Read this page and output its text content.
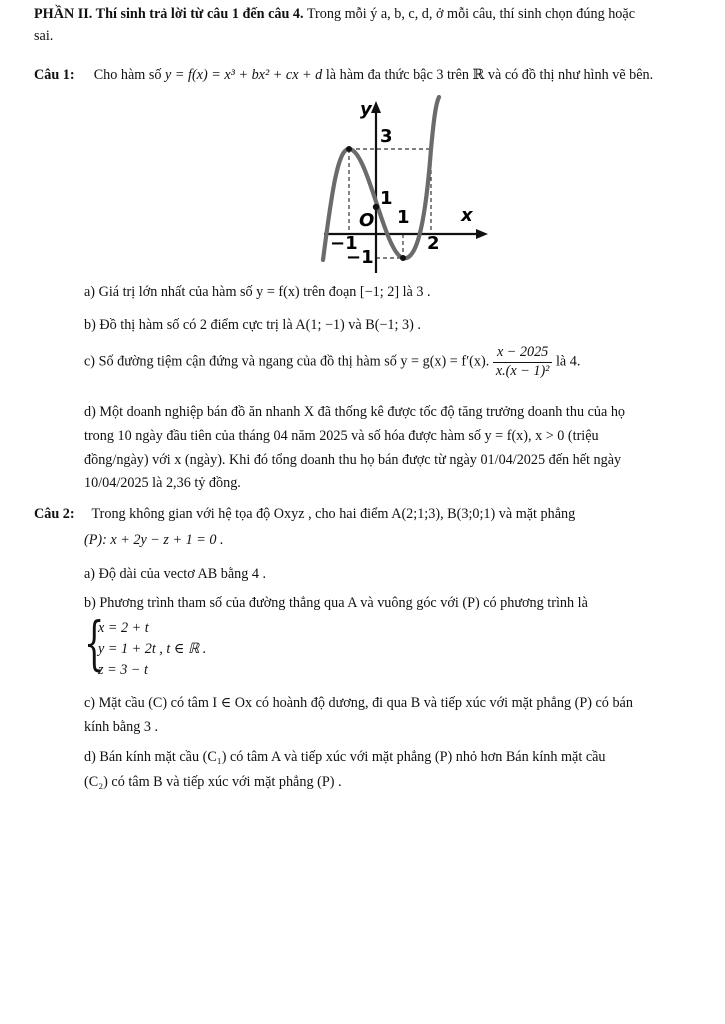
PHẦN II. Thí sinh trả lời từ câu 1 đến câu 4. Trong mỗi ý a, b, c, d, ở mỗi câu, thí sinh chọn đúng hoặc
sai.
Câu 1: Cho hàm số y = f(x) = x³ + bx² + cx + d là hàm đa thức bậc 3 trên ℝ và có đồ thị như hình vẽ bên.
y
x
O
3
1
1
2
−1
−1
a) Giá trị lớn nhất của hàm số y = f(x) trên đoạn [−1; 2] là 3 .
b) Đồ thị hàm số có 2 điểm cực trị là A(1; −1) và B(−1; 3) .
c) Số đường tiệm cận đứng và ngang của đồ thị hàm số y = g(x) = f′(x). $\frac{x - 2025}{\text{x.(x − 1)²}}$ là 4.
d) Một doanh nghiệp bán đồ ăn nhanh X đã thống kê được tốc độ tăng trưởng doanh thu của họ
trong 10 ngày đầu tiên của tháng 04 năm 2025 và số hóa được hàm số y = f(x), x > 0 (triệu
đồng/ngày) với x (ngày). Khi đó tổng doanh thu họ bán được từ ngày 01/04/2025 đến hết ngày
10/04/2025 là 2,36 tỷ đồng.
Câu 2: Trong không gian với hệ tọa độ Oxyz , cho hai điểm A(2;1;3), B(3;0;1) và mặt phẳng
(P): x + 2y − z + 1 = 0 .
a) Độ dài của vectơ AB bằng 4 .
b) Phương trình tham số của đường thẳng qua A và vuông góc với (P) có phương trình là
{
x = 2 + t
y = 1 + 2t , t ∈ ℝ .
z = 3 − t
c) Mặt cầu (C) có tâm I ∈ Ox có hoành độ dương, đi qua B và tiếp xúc với mặt phẳng (P) có bán
kính bằng 3 .
d) Bán kính mặt cầu (C₁) có tâm A và tiếp xúc với mặt phẳng (P) nhỏ hơn Bán kính mặt cầu
(C₂) có tâm B và tiếp xúc với mặt phẳng (P) .
